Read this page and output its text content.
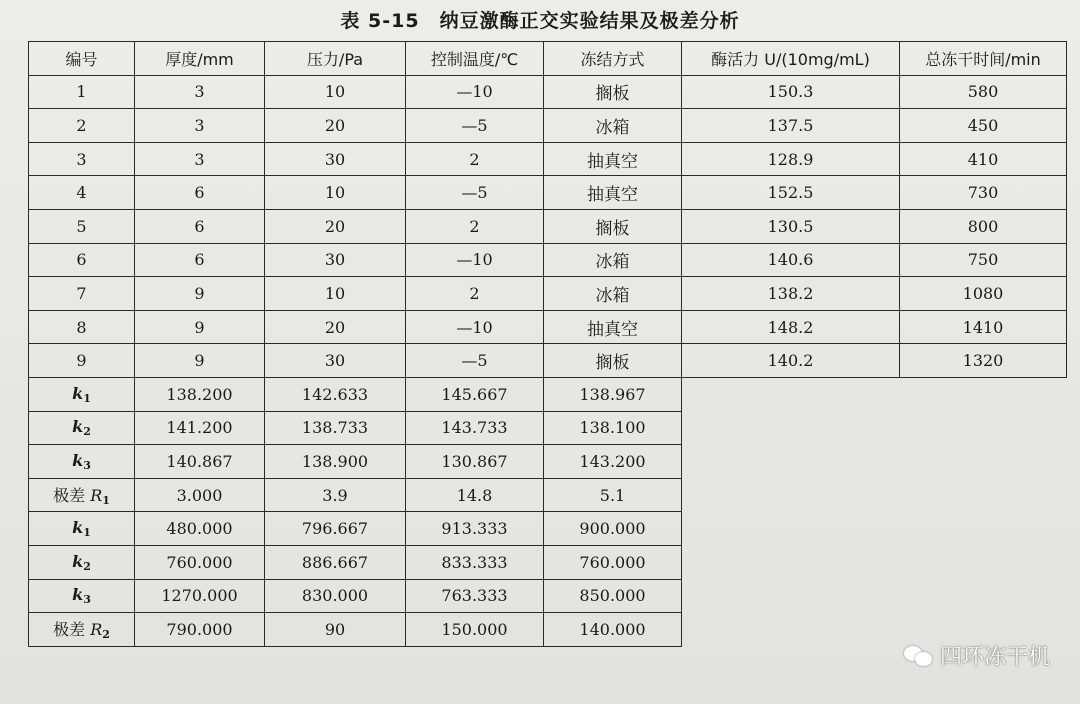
表 5-15　纳豆激酶正交实验结果及极差分析
编号	厚度/mm	压力/Pa	控制温度/℃	冻结方式	酶活力 U/(10mg/mL)	总冻干时间/min
1	3	10	—10	搁板	150.3	580
2	3	20	—5	冰箱	137.5	450
3	3	30	2	抽真空	128.9	410
4	6	10	—5	抽真空	152.5	730
5	6	20	2	搁板	130.5	800
6	6	30	—10	冰箱	140.6	750
7	9	10	2	冰箱	138.2	1080
8	9	20	—10	抽真空	148.2	1410
9	9	30	—5	搁板	140.2	1320
$k_1$	138.200	142.633	145.667	138.967		
$k_2$	141.200	138.733	143.733	138.100		
$k_3$	140.867	138.900	130.867	143.200		
极差 $R_1$	3.000	3.9	14.8	5.1		
$k_1$	480.000	796.667	913.333	900.000		
$k_2$	760.000	886.667	833.333	760.000		
$k_3$	1270.000	830.000	763.333	850.000		
极差 $R_2$	790.000	90	150.000	140.000		
四环冻干机
